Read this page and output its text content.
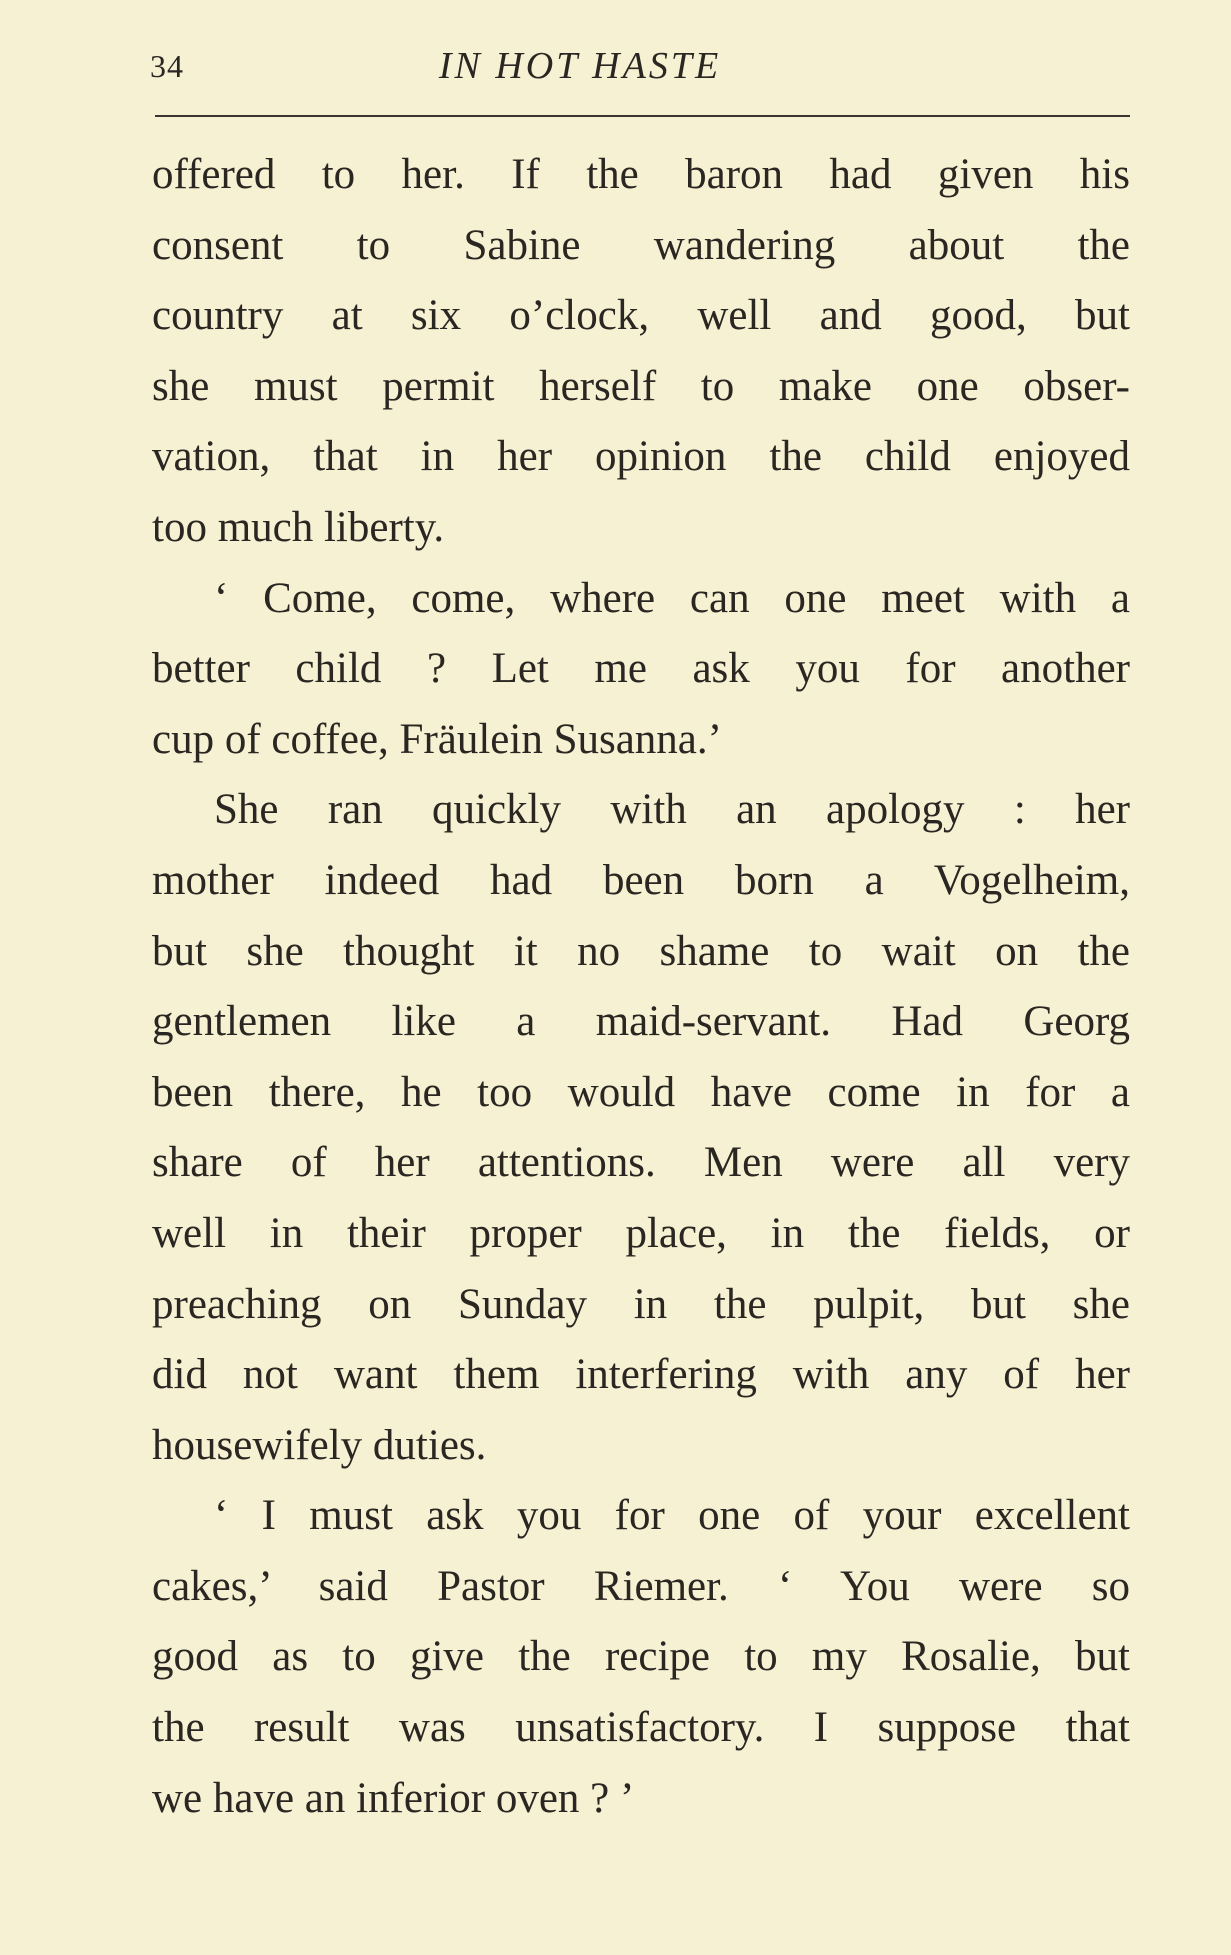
34	IN HOT HASTE
offered to her. If the baron had given his
consent to Sabine wandering about the
country at six o’clock, well and good, but
she must permit herself to make one obser-
vation, that in her opinion the child enjoyed
too much liberty.
‘ Come, come, where can one meet with a
better child ? Let me ask you for another
cup of coffee, Fräulein Susanna.’
She ran quickly with an apology : her
mother indeed had been born a Vogelheim,
but she thought it no shame to wait on the
gentlemen like a maid-servant. Had Georg
been there, he too would have come in for a
share of her attentions. Men were all very
well in their proper place, in the fields, or
preaching on Sunday in the pulpit, but she
did not want them interfering with any of her
housewifely duties.
‘ I must ask you for one of your excellent
cakes,’ said Pastor Riemer. ‘ You were so
good as to give the recipe to my Rosalie, but
the result was unsatisfactory. I suppose that
we have an inferior oven ? ’
